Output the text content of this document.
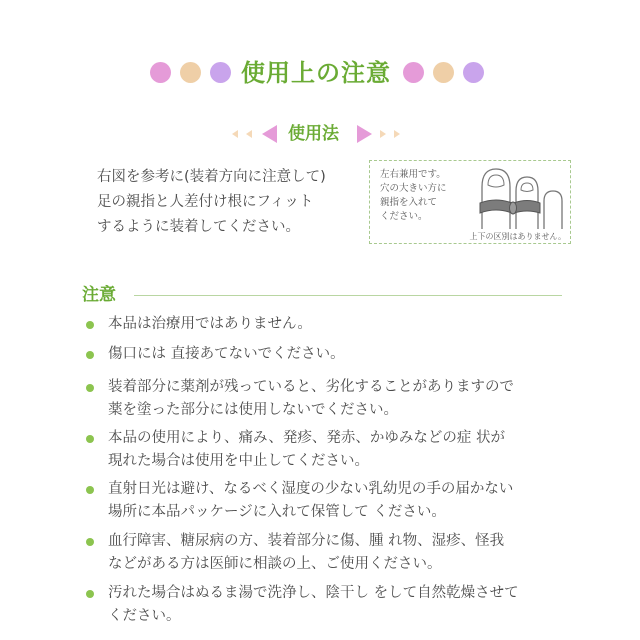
使用上の注意
使用法
右図を参考に(装着方向に注意して)
足の親指と人差付け根にフィット
するように装着してください。
左右兼用です。
穴の大きい方に
親指を入れて
ください。
上下の区別はありません。
注意
本品は治療用ではありません。
傷口には 直接あてないでください。
装着部分に薬剤が残っていると、劣化することがありますので
薬を塗った部分には使用しないでください。
本品の使用により、痛み、発疹、発赤、かゆみなどの症 状が
現れた場合は使用を中止してください。
直射日光は避け、なるべく湿度の少ない乳幼児の手の届かない
場所に本品パッケージに入れて保管して ください。
血行障害、糖尿病の方、装着部分に傷、腫 れ物、湿疹、怪我
などがある方は医師に相談の上、ご使用ください。
汚れた場合はぬるま湯で洗浄し、陰干し をして自然乾燥させて
ください。
